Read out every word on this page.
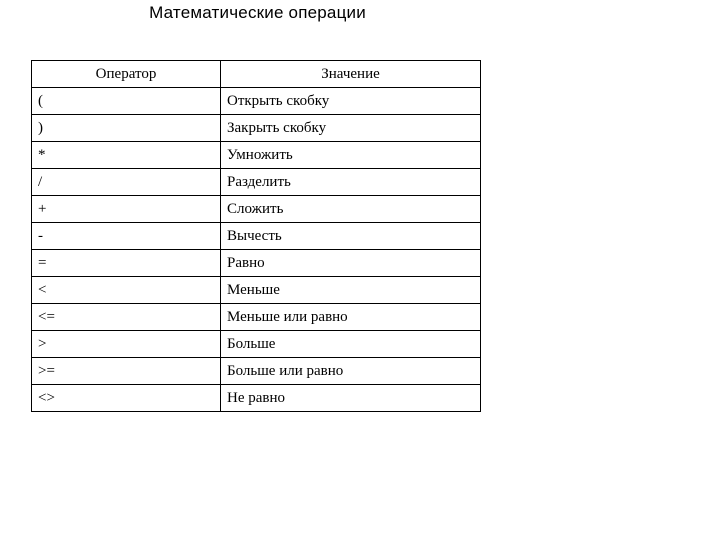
Математические операции
Оператор	Значение
(	Открыть скобку
)	Закрыть скобку
*	Умножить
/	Разделить
+	Сложить
-	Вычесть
=	Равно
<	Меньше
<=	Меньше или равно
>	Больше
>=	Больше или равно
<>	Не равно
